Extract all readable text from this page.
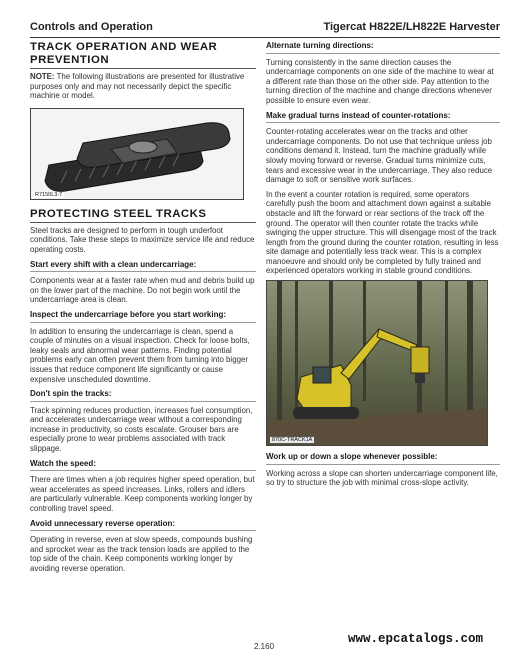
Controls and Operation	Tigercat H822E/LH822E Harvester
TRACK OPERATION AND WEAR PREVENTION

NOTE: The following illustrations are presented for illustrative purposes only and may not necessarily depict the specific machine or model.

R7150L3-7
PROTECTING STEEL TRACKS

Steel tracks are designed to perform in tough underfoot conditions. Take these steps to maximize service life and reduce operating costs.

Start every shift with a clean undercarriage:

Components wear at a faster rate when mud and debris build up on the lower part of the machine. Do not begin work until the undercarriage area is clean.

Inspect the undercarriage before you start working:

In addition to ensuring the undercarriage is clean, spend a couple of minutes on a visual inspection. Check for loose bolts, leaky seals and abnormal wear patterns. Finding potential problems early can often prevent them from turning into bigger issues that reduce component life significantly or cause expensive unscheduled downtime.

Don't spin the tracks:

Track spinning reduces production, increases fuel consumption, and accelerates undercarriage wear without a corresponding increase in productivity, so costs escalate. Grouser bars are especially prone to wear problems associated with track slippage.

Watch the speed:

There are times when a job requires higher speed operation, but wear accelerates as speed increases. Links, rollers and idlers are particularly vulnerable. Keep components working longer by controlling travel speed.

Avoid unnecessary reverse operation:

Operating in reverse, even at slow speeds, compounds bushing and sprocket wear as the track tension loads are applied to the top side of the chain. Keep components working longer by avoiding reverse operation.

Alternate turning directions:

Turning consistently in the same direction causes the undercarriage components on one side of the machine to wear at a different rate than those on the other side. Pay attention to the turning direction of the machine and change directions whenever possible to ensure even wear.

Make gradual turns instead of counter-rotations:

Counter-rotating accelerates wear on the tracks and other undercarriage components. Do not use that technique unless job conditions demand it. Instead, turn the machine gradually while slowly moving forward or reverse. Gradual turns minimize cuts, tears and excessive wear in the undercarriage. They also reduce damage to soft or sensitive work surfaces.

In the event a counter rotation is required, some operators carefully push the boom and attachment down against a suitable obstacle and lift the forward or rear sections of the track off the ground. The operator will then counter rotate the tracks while swinging the upper structure. This will disengage most of the track length from the ground during the counter rotation, resulting in less site damage and potentially less track wear. This is a complex manoeuvre and should only be completed by fully trained and experienced operators working in stable ground conditions.

870C-TRACK1A

Work up or down a slope whenever possible:

Working across a slope can shorten undercarriage component life, so try to structure the job with minimal cross-slope activity.

2.160
www.epcatalogs.com
